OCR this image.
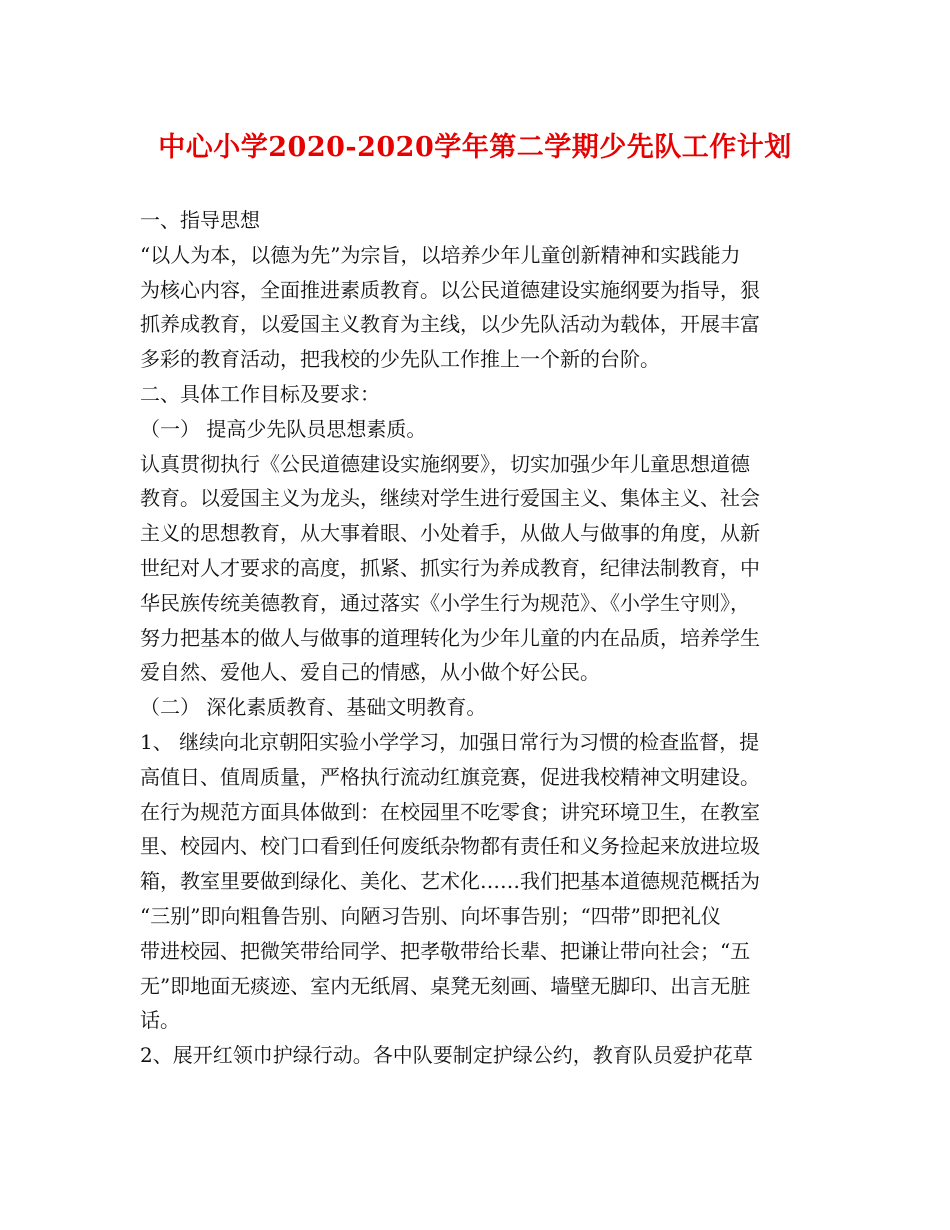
中心小学2020-2020学年第二学期少先队工作计划
一、指导思想
“以人为本，以德为先”为宗旨，以培养少年儿童创新精神和实践能力
为核心内容，全面推进素质教育。以公民道德建设实施纲要为指导，狠
抓养成教育，以爱国主义教育为主线，以少先队活动为载体，开展丰富
多彩的教育活动，把我校的少先队工作推上一个新的台阶。
二、具体工作目标及要求：
（一） 提高少先队员思想素质。
认真贯彻执行《公民道德建设实施纲要》，切实加强少年儿童思想道德
教育。以爱国主义为龙头，继续对学生进行爱国主义、集体主义、社会
主义的思想教育，从大事着眼、小处着手，从做人与做事的角度，从新
世纪对人才要求的高度，抓紧、抓实行为养成教育，纪律法制教育，中
华民族传统美德教育，通过落实《小学生行为规范》、《小学生守则》，
努力把基本的做人与做事的道理转化为少年儿童的内在品质，培养学生
爱自然、爱他人、爱自己的情感，从小做个好公民。
（二） 深化素质教育、基础文明教育。
1、 继续向北京朝阳实验小学学习，加强日常行为习惯的检查监督，提
高值日、值周质量，严格执行流动红旗竞赛，促进我校精神文明建设。
在行为规范方面具体做到：在校园里不吃零食；讲究环境卫生，在教室
里、校园内、校门口看到任何废纸杂物都有责任和义务捡起来放进垃圾
箱，教室里要做到绿化、美化、艺术化……我们把基本道德规范概括为
“三别”即向粗鲁告别、向陋习告别、向坏事告别；“四带”即把礼仪
带进校园、把微笑带给同学、把孝敬带给长辈、把谦让带向社会；“五
无”即地面无痰迹、室内无纸屑、桌凳无刻画、墙壁无脚印、出言无脏
话。
2、展开红领巾护绿行动。各中队要制定护绿公约，教育队员爱护花草
